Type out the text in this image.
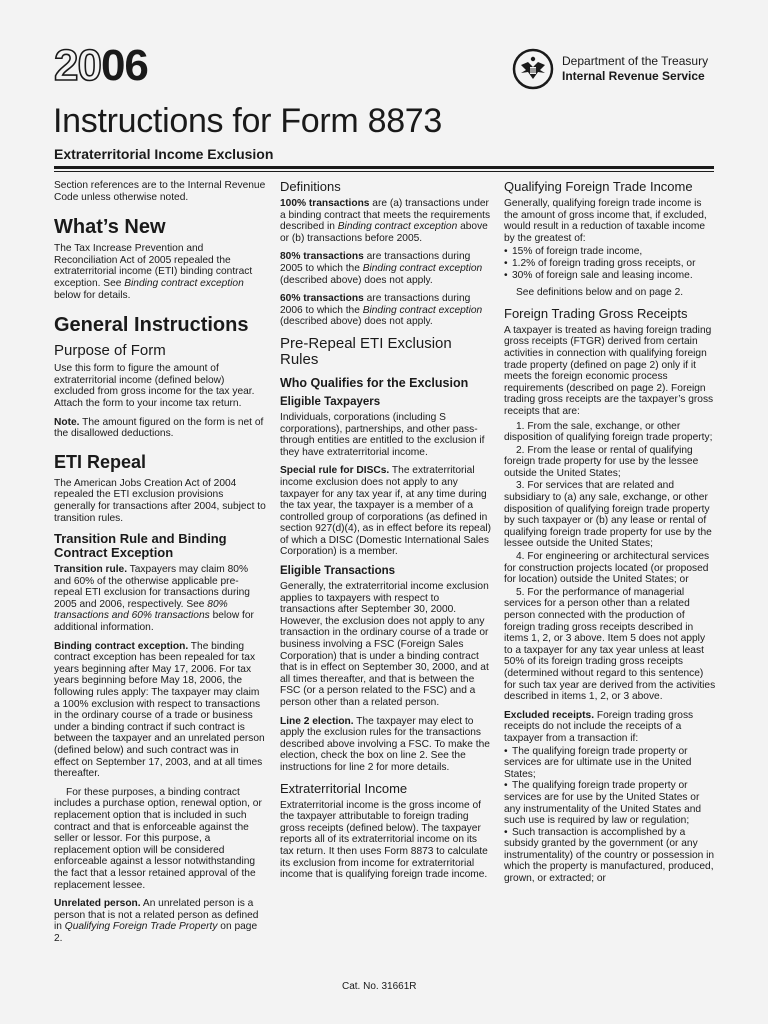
2006	Department of the Treasury
Internal Revenue Service
Instructions for Form 8873
Extraterritorial Income Exclusion

Section references are to the Internal Revenue Code unless otherwise noted.

What’s New

The Tax Increase Prevention and Reconciliation Act of 2005 repealed the extraterritorial income (ETI) binding contract exception. See Binding contract exception below for details.

General Instructions
Purpose of Form

Use this form to figure the amount of extraterritorial income (defined below) excluded from gross income for the tax year. Attach the form to your income tax return.

Note. The amount figured on the form is net of the disallowed deductions.

ETI Repeal

The American Jobs Creation Act of 2004 repealed the ETI exclusion provisions generally for transactions after 2004, subject to transition rules.

Transition Rule and Binding Contract Exception

Transition rule. Taxpayers may claim 80% and 60% of the otherwise applicable pre-repeal ETI exclusion for transactions during 2005 and 2006, respectively. See 80% transactions and 60% transactions below for additional information.

Binding contract exception. The binding contract exception has been repealed for tax years beginning after May 17, 2006. For tax years beginning before May 18, 2006, the following rules apply: The taxpayer may claim a 100% exclusion with respect to transactions in the ordinary course of a trade or business under a binding contract if such contract is between the taxpayer and an unrelated person (defined below) and such contract was in effect on September 17, 2003, and at all times thereafter.

For these purposes, a binding contract includes a purchase option, renewal option, or replacement option that is included in such contract and that is enforceable against the seller or lessor. For this purpose, a replacement option will be considered enforceable against a lessor notwithstanding the fact that a lessor retained approval of the replacement lessee.

Unrelated person. An unrelated person is a person that is not a related person as defined in Qualifying Foreign Trade Property on page 2.

Definitions

100% transactions are (a) transactions under a binding contract that meets the requirements described in Binding contract exception above or (b) transactions before 2005.

80% transactions are transactions during 2005 to which the Binding contract exception (described above) does not apply.

60% transactions are transactions during 2006 to which the Binding contract exception (described above) does not apply.

Pre-Repeal ETI Exclusion Rules
Who Qualifies for the Exclusion
Eligible Taxpayers

Individuals, corporations (including S corporations), partnerships, and other pass-through entities are entitled to the exclusion if they have extraterritorial income.

Special rule for DISCs. The extraterritorial income exclusion does not apply to any taxpayer for any tax year if, at any time during the tax year, the taxpayer is a member of a controlled group of corporations (as defined in section 927(d)(4), as in effect before its repeal) of which a DISC (Domestic International Sales Corporation) is a member.

Eligible Transactions

Generally, the extraterritorial income exclusion applies to taxpayers with respect to transactions after September 30, 2000. However, the exclusion does not apply to any transaction in the ordinary course of a trade or business involving a FSC (Foreign Sales Corporation) that is under a binding contract that is in effect on September 30, 2000, and at all times thereafter, and that is between the FSC (or a person related to the FSC) and a person other than a related person.

Line 2 election. The taxpayer may elect to apply the exclusion rules for the transactions described above involving a FSC. To make the election, check the box on line 2. See the instructions for line 2 for more details.

Extraterritorial Income

Extraterritorial income is the gross income of the taxpayer attributable to foreign trading gross receipts (defined below). The taxpayer reports all of its extraterritorial income on its tax return. It then uses Form 8873 to calculate its exclusion from income for extraterritorial income that is qualifying foreign trade income.

Qualifying Foreign Trade Income

Generally, qualifying foreign trade income is the amount of gross income that, if excluded, would result in a reduction of taxable income by the greatest of:

• 15% of foreign trade income,
• 1.2% of foreign trading gross receipts, or
• 30% of foreign sale and leasing income.

See definitions below and on page 2.

Foreign Trading Gross Receipts

A taxpayer is treated as having foreign trading gross receipts (FTGR) derived from certain activities in connection with qualifying foreign trade property (defined on page 2) only if it meets the foreign economic process requirements (described on page 2). Foreign trading gross receipts are the taxpayer’s gross receipts that are:

1. From the sale, exchange, or other disposition of qualifying foreign trade property;

2. From the lease or rental of qualifying foreign trade property for use by the lessee outside the United States;

3. For services that are related and subsidiary to (a) any sale, exchange, or other disposition of qualifying foreign trade property by such taxpayer or (b) any lease or rental of qualifying foreign trade property for use by the lessee outside the United States;

4. For engineering or architectural services for construction projects located (or proposed for location) outside the United States; or

5. For the performance of managerial services for a person other than a related person connected with the production of foreign trading gross receipts described in items 1, 2, or 3 above. Item 5 does not apply to a taxpayer for any tax year unless at least 50% of its foreign trading gross receipts (determined without regard to this sentence) for such tax year are derived from the activities described in items 1, 2, or 3 above.

Excluded receipts. Foreign trading gross receipts do not include the receipts of a taxpayer from a transaction if:

• The qualifying foreign trade property or services are for ultimate use in the United States;
• The qualifying foreign trade property or services are for use by the United States or any instrumentality of the United States and such use is required by law or regulation;
• Such transaction is accomplished by a subsidy granted by the government (or any instrumentality) of the country or possession in which the property is manufactured, produced, grown, or extracted; or
Cat. No. 31661R
